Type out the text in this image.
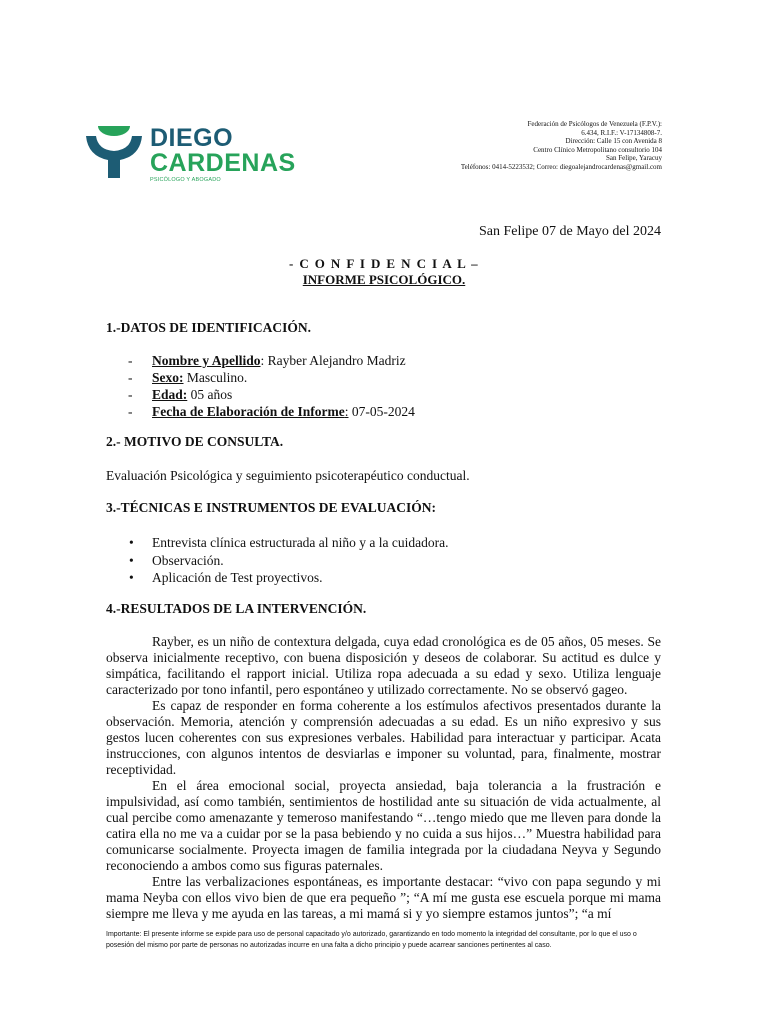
DIEGO
CARDENAS
PSICÓLOGO Y ABOGADO
Federación de Psicólogos de Venezuela (F.P.V.):
6.434, R.I.F.: V-17134808-7.
Dirección: Calle 15 con Avenida 8
Centro Clínico Metropolitano consultorio 104
San Felipe, Yaracuy
Teléfonos: 0414-5223532; Correo: diegoalejandrocardenas@gmail.com
San Felipe 07 de Mayo del 2024
- C O N F I D E N C I A L –
INFORME PSICOLÓGICO.
1.-DATOS DE IDENTIFICACIÓN.
- Nombre y Apellido: Rayber Alejandro Madriz
- Sexo: Masculino.
- Edad: 05 años
- Fecha de Elaboración de Informe: 07-05-2024
2.- MOTIVO DE CONSULTA.
Evaluación Psicológica y seguimiento psicoterapéutico conductual.
3.-TÉCNICAS E INSTRUMENTOS DE EVALUACIÓN:
• Entrevista clínica estructurada al niño y a la cuidadora.
• Observación.
• Aplicación de Test proyectivos.
4.-RESULTADOS DE LA INTERVENCIÓN.

Rayber, es un niño de contextura delgada, cuya edad cronológica es de 05 años, 05 meses. Se observa inicialmente receptivo, con buena disposición y deseos de colaborar. Su actitud es dulce y simpática, facilitando el rapport inicial. Utiliza ropa adecuada a su edad y sexo. Utiliza lenguaje caracterizado por tono infantil, pero espontáneo y utilizado correctamente. No se observó gageo.

Es capaz de responder en forma coherente a los estímulos afectivos presentados durante la observación. Memoria, atención y comprensión adecuadas a su edad. Es un niño expresivo y sus gestos lucen coherentes con sus expresiones verbales. Habilidad para interactuar y participar. Acata instrucciones, con algunos intentos de desviarlas e imponer su voluntad, para, finalmente, mostrar receptividad.

En el área emocional social, proyecta ansiedad, baja tolerancia a la frustración e impulsividad, así como también, sentimientos de hostilidad ante su situación de vida actualmente, al cual percibe como amenazante y temeroso manifestando “…tengo miedo que me lleven para donde la catira ella no me va a cuidar por se la pasa bebiendo y no cuida a sus hijos…” Muestra habilidad para comunicarse socialmente. Proyecta imagen de familia integrada por la ciudadana Neyva y Segundo reconociendo a ambos como sus figuras paternales.

Entre las verbalizaciones espontáneas, es importante destacar: “vivo con papa segundo y mi mama Neyba con ellos vivo bien de que era pequeño ”; “A mí me gusta ese escuela porque mi mama siempre me lleva y me ayuda en las tareas, a mi mamá si y yo siempre estamos juntos”; “a mí

Importante: El presente informe se expide para uso de personal capacitado y/o autorizado, garantizando en todo momento la integridad del consultante, por lo que el uso o posesión del mismo por parte de personas no autorizadas incurre en una falta a dicho principio y puede acarrear sanciones pertinentes al caso.
